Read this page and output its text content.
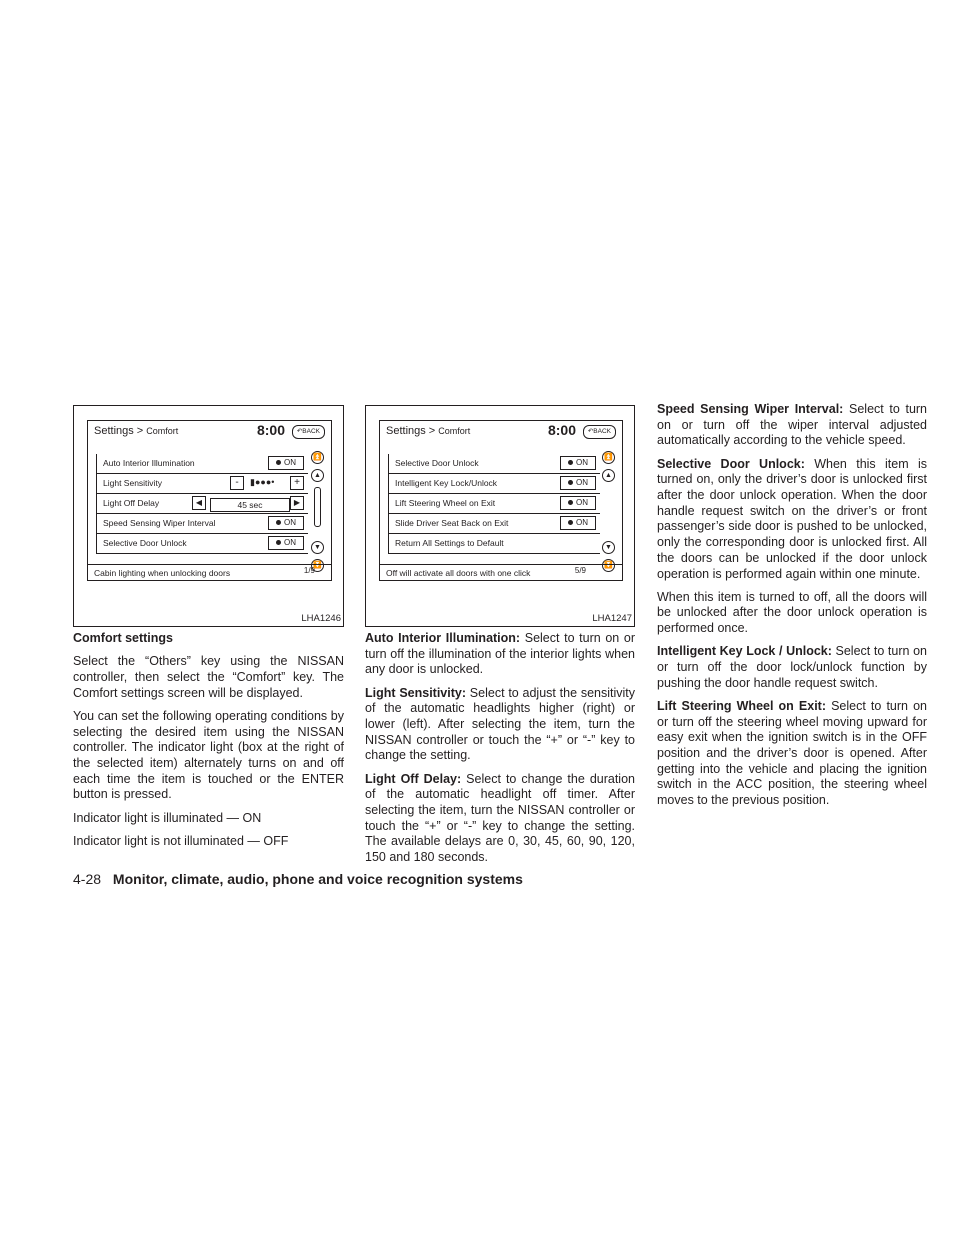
Settings > Comfort	8:00	↶BACK
Auto Interior Illumination	ON
Light Sensitivity	-	▮●●●•	+
Light Off Delay	◀	45 sec	▶
Speed Sensing Wiper Interval	ON
Selective Door Unlock	ON
1/9
⏫
▲
▼
⏬
Cabin lighting when unlocking doors
LHA1246
Settings > Comfort	8:00	↶BACK
Selective Door Unlock	ON
Intelligent Key Lock/Unlock	ON
Lift Steering Wheel on Exit	ON
Slide Driver Seat Back on Exit	ON
Return All Settings to Default
5/9
⏫
▲
▼
⏬
Off will activate all doors with one click
LHA1247

Comfort settings

Select the “Others” key using the NISSAN controller, then select the “Comfort” key. The Comfort settings screen will be displayed.

You can set the following operating conditions by selecting the desired item using the NISSAN controller. The indicator light (box at the right of the selected item) alternately turns on and off each time the item is touched or the ENTER button is pressed.

Indicator light is illuminated — ON

Indicator light is not illuminated — OFF

Auto Interior Illumination: Select to turn on or turn off the illumination of the interior lights when any door is unlocked.

Light Sensitivity: Select to adjust the sensitivity of the automatic headlights higher (right) or lower (left). After selecting the item, turn the NISSAN controller or touch the “+” or “-” key to change the setting.

Light Off Delay: Select to change the duration of the automatic headlight off timer. After selecting the item, turn the NISSAN controller or touch the “+” or “-” key to change the setting. The available delays are 0, 30, 45, 60, 90, 120, 150 and 180 seconds.

Speed Sensing Wiper Interval: Select to turn on or turn off the wiper interval adjusted automatically according to the vehicle speed.

Selective Door Unlock: When this item is turned on, only the driver’s door is unlocked first after the door unlock operation. When the door handle request switch on the driver’s or front passenger’s side door is pushed to be unlocked, only the corresponding door is unlocked first. All the doors can be unlocked if the door unlock operation is performed again within one minute.

When this item is turned to off, all the doors will be unlocked after the door unlock operation is performed once.

Intelligent Key Lock / Unlock: Select to turn on or turn off the door lock/unlock function by pushing the door handle request switch.

Lift Steering Wheel on Exit: Select to turn on or turn off the steering wheel moving upward for easy exit when the ignition switch is in the OFF position and the driver’s door is opened. After getting into the vehicle and placing the ignition switch in the ACC position, the steering wheel moves to the previous position.

4-28 Monitor, climate, audio, phone and voice recognition systems
